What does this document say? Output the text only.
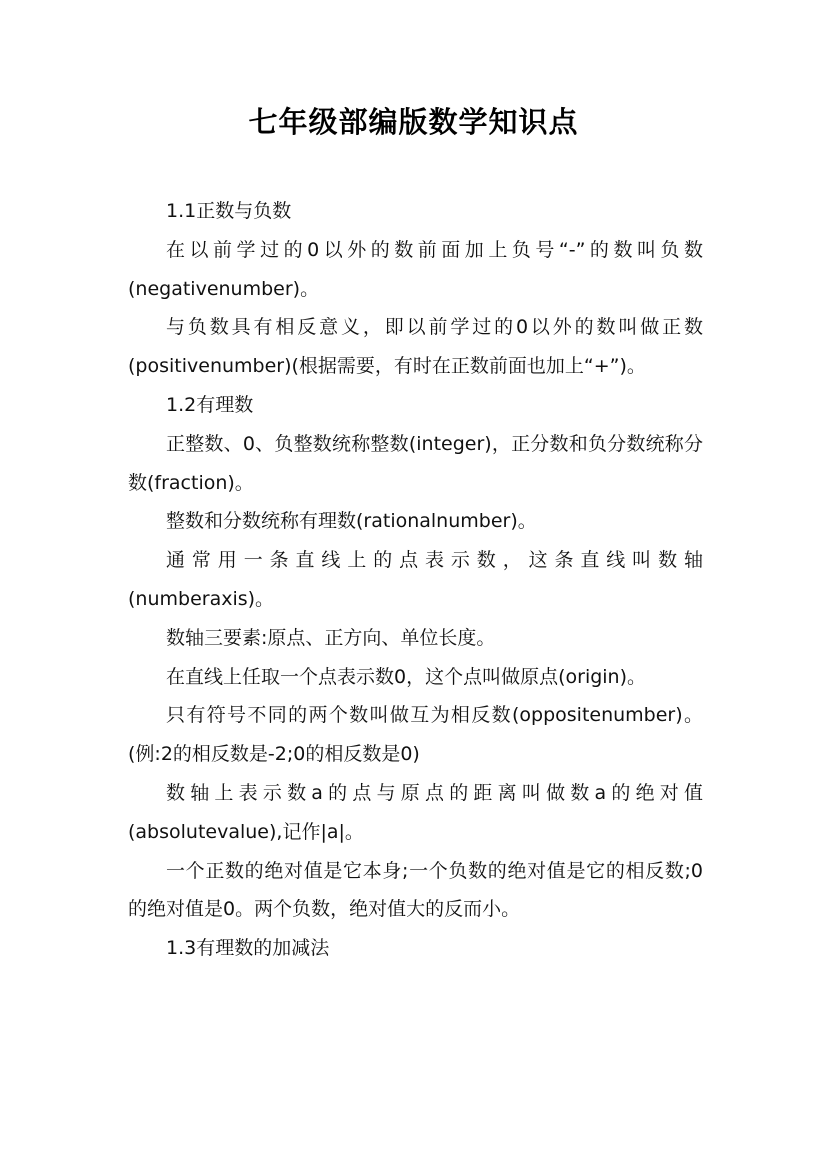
七年级部编版数学知识点

1.1正数与负数

在以前学过的0以外的数前面加上负号“-”的数叫负数(negativenumber)。

与负数具有相反意义，即以前学过的0以外的数叫做正数(positivenumber)(根据需要，有时在正数前面也加上“+”)。

1.2有理数

正整数、0、负整数统称整数(integer)，正分数和负分数统称分数(fraction)。

整数和分数统称有理数(rationalnumber)。

通常用一条直线上的点表示数，这条直线叫数轴(numberaxis)。

数轴三要素:原点、正方向、单位长度。

在直线上任取一个点表示数0，这个点叫做原点(origin)。

只有符号不同的两个数叫做互为相反数(oppositenumber)。(例:2的相反数是-2;0的相反数是0)

数轴上表示数a的点与原点的距离叫做数a的绝对值(absolutevalue),记作|a|。

一个正数的绝对值是它本身;一个负数的绝对值是它的相反数;0的绝对值是0。两个负数，绝对值大的反而小。

1.3有理数的加减法
